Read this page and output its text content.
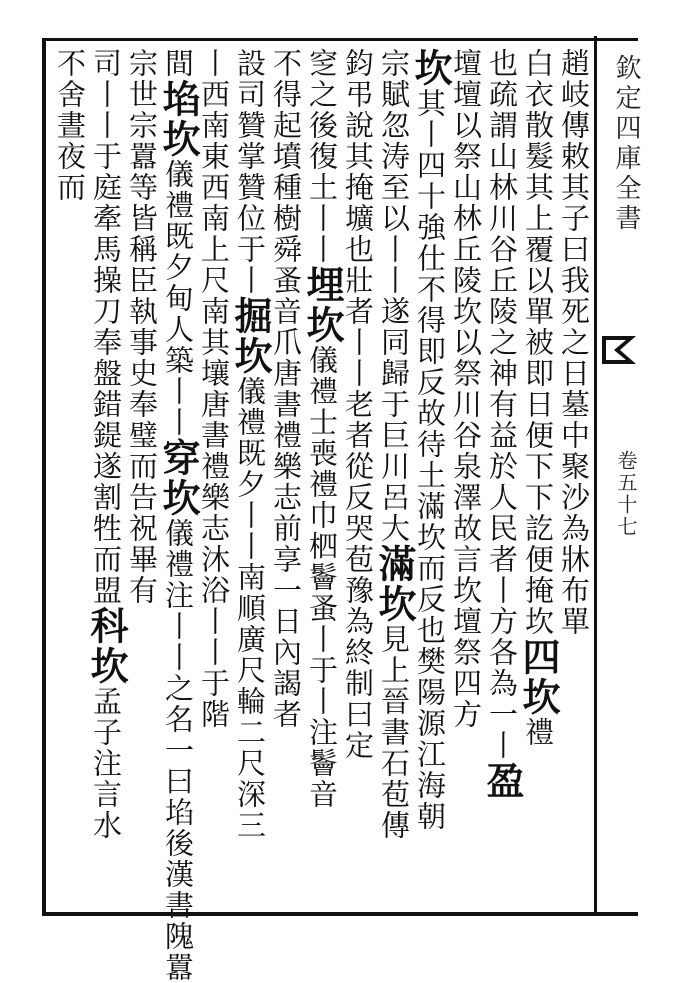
欽定四庫全書
卷五十七
趙岐傳敕其子曰我死之日墓中聚沙為牀布單
白衣散髮其上覆以單被即日便下下訖便掩坎四坎禮
也疏謂山林川谷丘陵之神有益於人民者丨方各為一丨盈
壇壇以祭山林丘陵坎以祭川谷泉澤故言坎壇祭四方
坎其丨四十強仕不得即反故待土滿坎而反也樊陽源江海朝
宗賦忽涛至以丨丨遂同歸于巨川呂大滿坎見上晉書石苞傳
鈞弔說其掩壙也壯者丨丨老者從反哭苞豫為終制曰定
窆之後復土丨丨埋坎儀禮士喪禮巾柶鬠蚤丨于丨注鬠音
不得起墳種樹舜蚤音爪唐書禮樂志前享一日內謁者
設司贊掌贊位于丨掘坎儀禮既夕丨丨南順廣尺輪二尺深三
丨西南東西南上尺南其壤唐書禮樂志沐浴丨丨于階
間埳坎儀禮既夕甸人築丨丨穿坎儀禮注丨丨之名一曰埳後漢書隗囂
宗世宗囂等皆稱臣執事史奉璧而告祝畢有
司丨丨于庭牽馬操刀奉盤錯鍉遂割牲而盟科坎孟子注言水
不舍晝夜而
